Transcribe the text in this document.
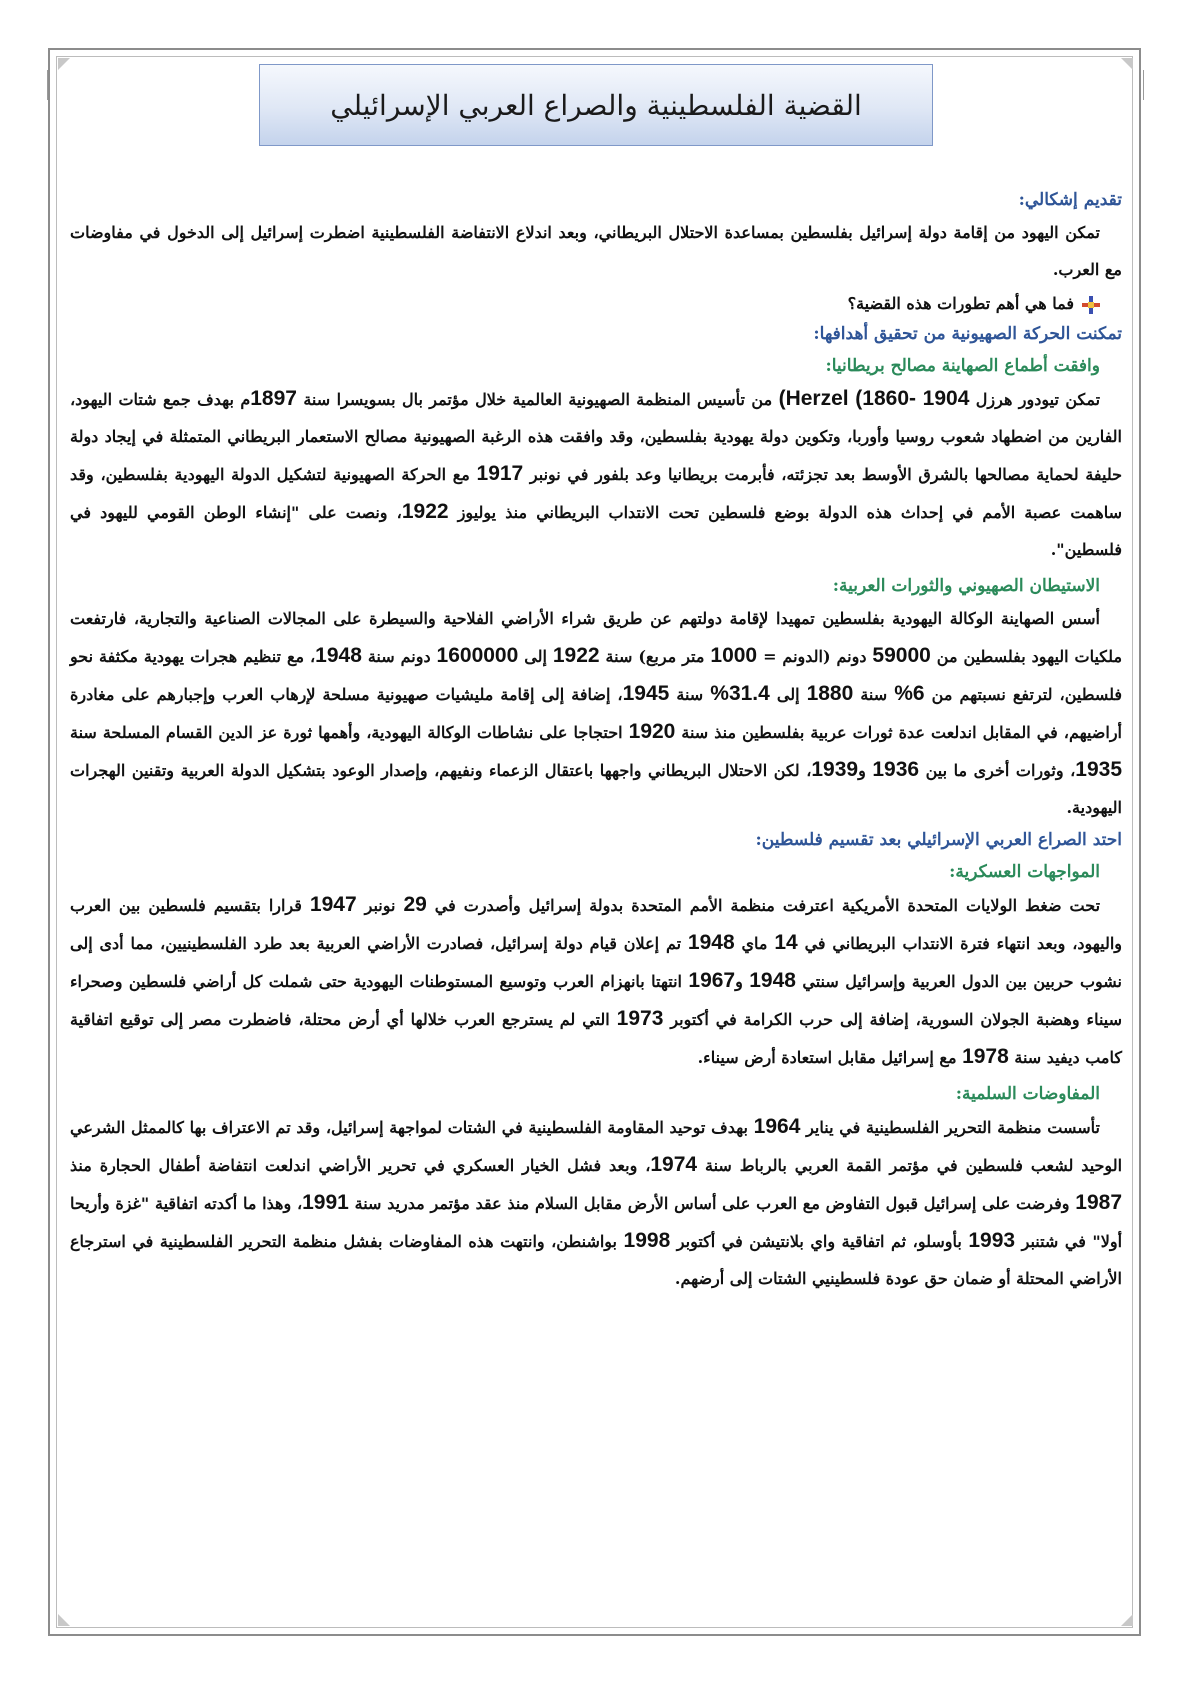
القضية الفلسطينية والصراع العربي الإسرائيلي
تقديم إشكالي:

تمكن اليهود من إقامة دولة إسرائيل بفلسطين بمساعدة الاحتلال البريطاني، وبعد اندلاع الانتفاضة الفلسطينية اضطرت إسرائيل إلى الدخول في مفاوضات مع العرب.

فما هي أهم تطورات هذه القضية؟
تمكنت الحركة الصهيونية من تحقيق أهدافها:
وافقت أطماع الصهاينة مصالح بريطانيا:

تمكن تيودور هرزل 1904 -1860) Herzel) من تأسيس المنظمة الصهيونية العالمية خلال مؤتمر بال بسويسرا سنة 1897م بهدف جمع شتات اليهود، الفارين من اضطهاد شعوب روسيا وأوربا، وتكوين دولة يهودية بفلسطين، وقد وافقت هذه الرغبة الصهيونية مصالح الاستعمار البريطاني المتمثلة في إيجاد دولة حليفة لحماية مصالحها بالشرق الأوسط بعد تجزئته، فأبرمت بريطانيا وعد بلفور في نونبر 1917 مع الحركة الصهيونية لتشكيل الدولة اليهودية بفلسطين، وقد ساهمت عصبة الأمم في إحداث هذه الدولة بوضع فلسطين تحت الانتداب البريطاني منذ يوليوز 1922، ونصت على "إنشاء الوطن القومي لليهود في فلسطين".

الاستيطان الصهيوني والثورات العربية:

أسس الصهاينة الوكالة اليهودية بفلسطين تمهيدا لإقامة دولتهم عن طريق شراء الأراضي الفلاحية والسيطرة على المجالات الصناعية والتجارية، فارتفعت ملكيات اليهود بفلسطين من 59000 دونم (الدونم = 1000 متر مربع) سنة 1922 إلى 1600000 دونم سنة 1948، مع تنظيم هجرات يهودية مكثفة نحو فلسطين، لترتفع نسبتهم من 6% سنة 1880 إلى 31.4% سنة 1945، إضافة إلى إقامة مليشيات صهيونية مسلحة لإرهاب العرب وإجبارهم على مغادرة أراضيهم، في المقابل اندلعت عدة ثورات عربية بفلسطين منذ سنة 1920 احتجاجا على نشاطات الوكالة اليهودية، وأهمها ثورة عز الدين القسام المسلحة سنة 1935، وثورات أخرى ما بين 1936 و1939، لكن الاحتلال البريطاني واجهها باعتقال الزعماء ونفيهم، وإصدار الوعود بتشكيل الدولة العربية وتقنين الهجرات اليهودية.

احتد الصراع العربي الإسرائيلي بعد تقسيم فلسطين:
المواجهات العسكرية:

تحت ضغط الولايات المتحدة الأمريكية اعترفت منظمة الأمم المتحدة بدولة إسرائيل وأصدرت في 29 نونبر 1947 قرارا بتقسيم فلسطين بين العرب واليهود، وبعد انتهاء فترة الانتداب البريطاني في 14 ماي 1948 تم إعلان قيام دولة إسرائيل، فصادرت الأراضي العربية بعد طرد الفلسطينيين، مما أدى إلى نشوب حربين بين الدول العربية وإسرائيل سنتي 1948 و1967 انتهتا بانهزام العرب وتوسيع المستوطنات اليهودية حتى شملت كل أراضي فلسطين وصحراء سيناء وهضبة الجولان السورية، إضافة إلى حرب الكرامة في أكتوبر 1973 التي لم يسترجع العرب خلالها أي أرض محتلة، فاضطرت مصر إلى توقيع اتفاقية كامب ديفيد سنة 1978 مع إسرائيل مقابل استعادة أرض سيناء.

المفاوضات السلمية:

تأسست منظمة التحرير الفلسطينية في يناير 1964 بهدف توحيد المقاومة الفلسطينية في الشتات لمواجهة إسرائيل، وقد تم الاعتراف بها كالممثل الشرعي الوحيد لشعب فلسطين في مؤتمر القمة العربي بالرباط سنة 1974، وبعد فشل الخيار العسكري في تحرير الأراضي اندلعت انتفاضة أطفال الحجارة منذ 1987 وفرضت على إسرائيل قبول التفاوض مع العرب على أساس الأرض مقابل السلام منذ عقد مؤتمر مدريد سنة 1991، وهذا ما أكدته اتفاقية "غزة وأريحا أولا" في شتنبر 1993 بأوسلو، ثم اتفاقية واي بلانتيشن في أكتوبر 1998 بواشنطن، وانتهت هذه المفاوضات بفشل منظمة التحرير الفلسطينية في استرجاع الأراضي المحتلة أو ضمان حق عودة فلسطينيي الشتات إلى أرضهم.
